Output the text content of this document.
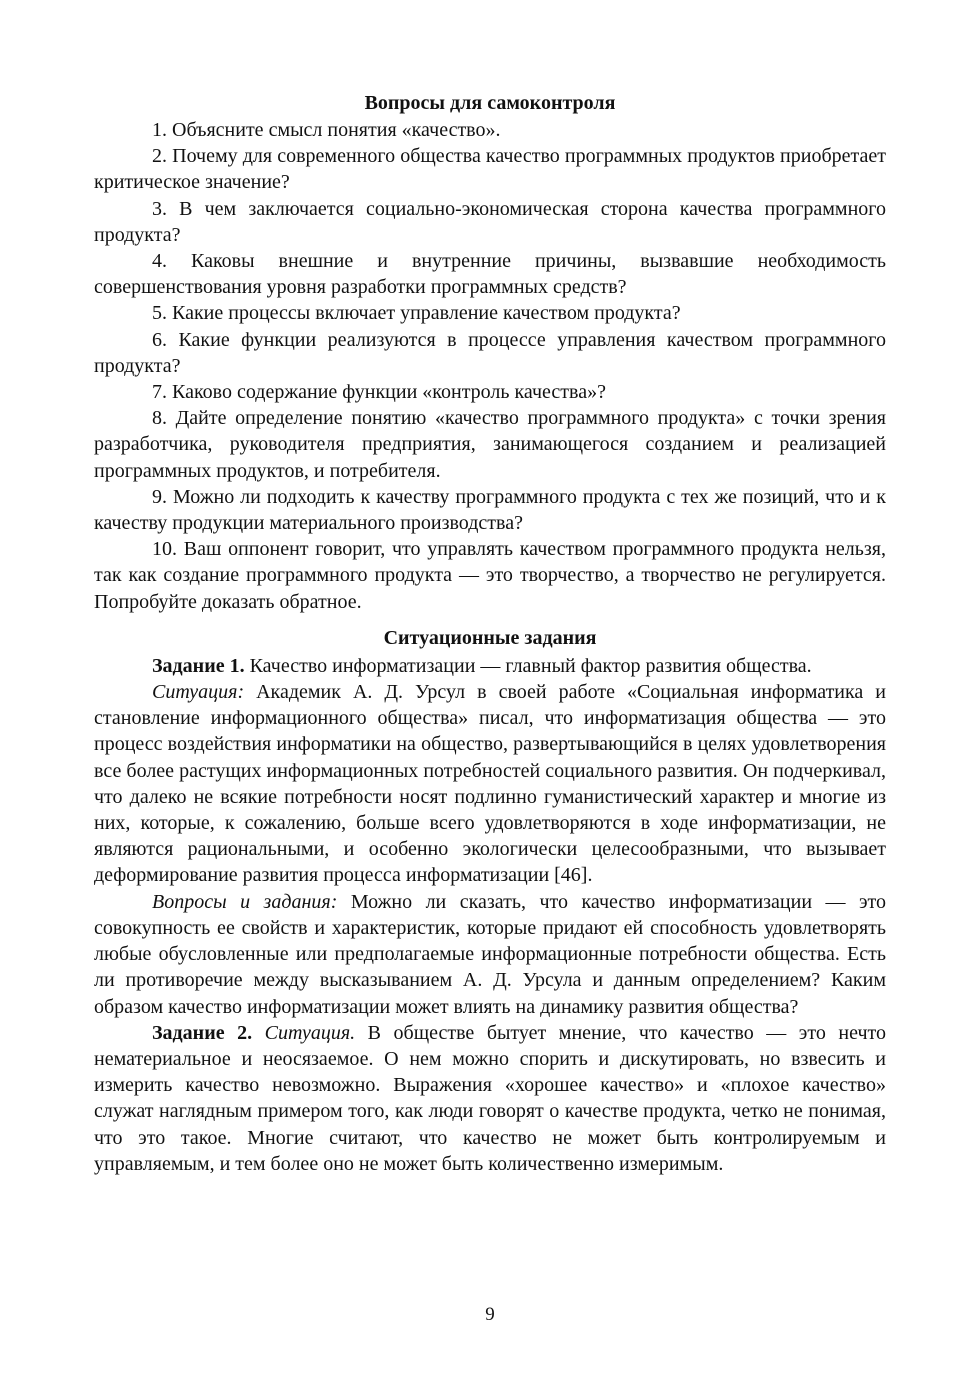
Вопросы для самоконтроля

1. Объясните смысл понятия «качество».

2. Почему для современного общества качество программных продуктов приобретает критическое значение?

3. В чем заключается социально-экономическая сторона качества программного продукта?

4. Каковы внешние и внутренние причины, вызвавшие необходимость совершенствования уровня разработки программных средств?

5. Какие процессы включает управление качеством продукта?

6. Какие функции реализуются в процессе управления качеством программного продукта?

7. Каково содержание функции «контроль качества»?

8. Дайте определение понятию «качество программного продукта» с точки зрения разработчика, руководителя предприятия, занимающегося созданием и реализацией программных продуктов, и потребителя.

9. Можно ли подходить к качеству программного продукта с тех же позиций, что и к качеству продукции материального производства?

10. Ваш оппонент говорит, что управлять качеством программного продукта нельзя, так как создание программного продукта — это творчество, а творчество не регулируется. Попробуйте доказать обратное.

Ситуационные задания

Задание 1. Качество информатизации — главный фактор развития общества.

Ситуация: Академик А. Д. Урсул в своей работе «Социальная информатика и становление информационного общества» писал, что информатизация общества — это процесс воздействия информатики на общество, развертывающийся в целях удовлетворения все более растущих информационных потребностей социального развития. Он подчеркивал, что далеко не всякие потребности носят подлинно гуманистический характер и многие из них, которые, к сожалению, больше всего удовлетворяются в ходе информатизации, не являются рациональными, и особенно экологически целесообразными, что вызывает деформирование развития процесса информатизации [46].

Вопросы и задания: Можно ли сказать, что качество информатизации — это совокупность ее свойств и характеристик, которые придают ей способность удовлетворять любые обусловленные или предполагаемые информационные потребности общества. Есть ли противоречие между высказыванием А. Д. Урсула и данным определением? Каким образом качество информатизации может влиять на динамику развития общества?

Задание 2. Ситуация. В обществе бытует мнение, что качество — это нечто нематериальное и неосязаемое. О нем можно спорить и дискутировать, но взвесить и измерить качество невозможно. Выражения «хорошее качество» и «плохое качество» служат наглядным примером того, как люди говорят о качестве продукта, четко не понимая, что это такое. Многие считают, что качество не может быть контролируемым и управляемым, и тем более оно не может быть количественно измеримым.

9
